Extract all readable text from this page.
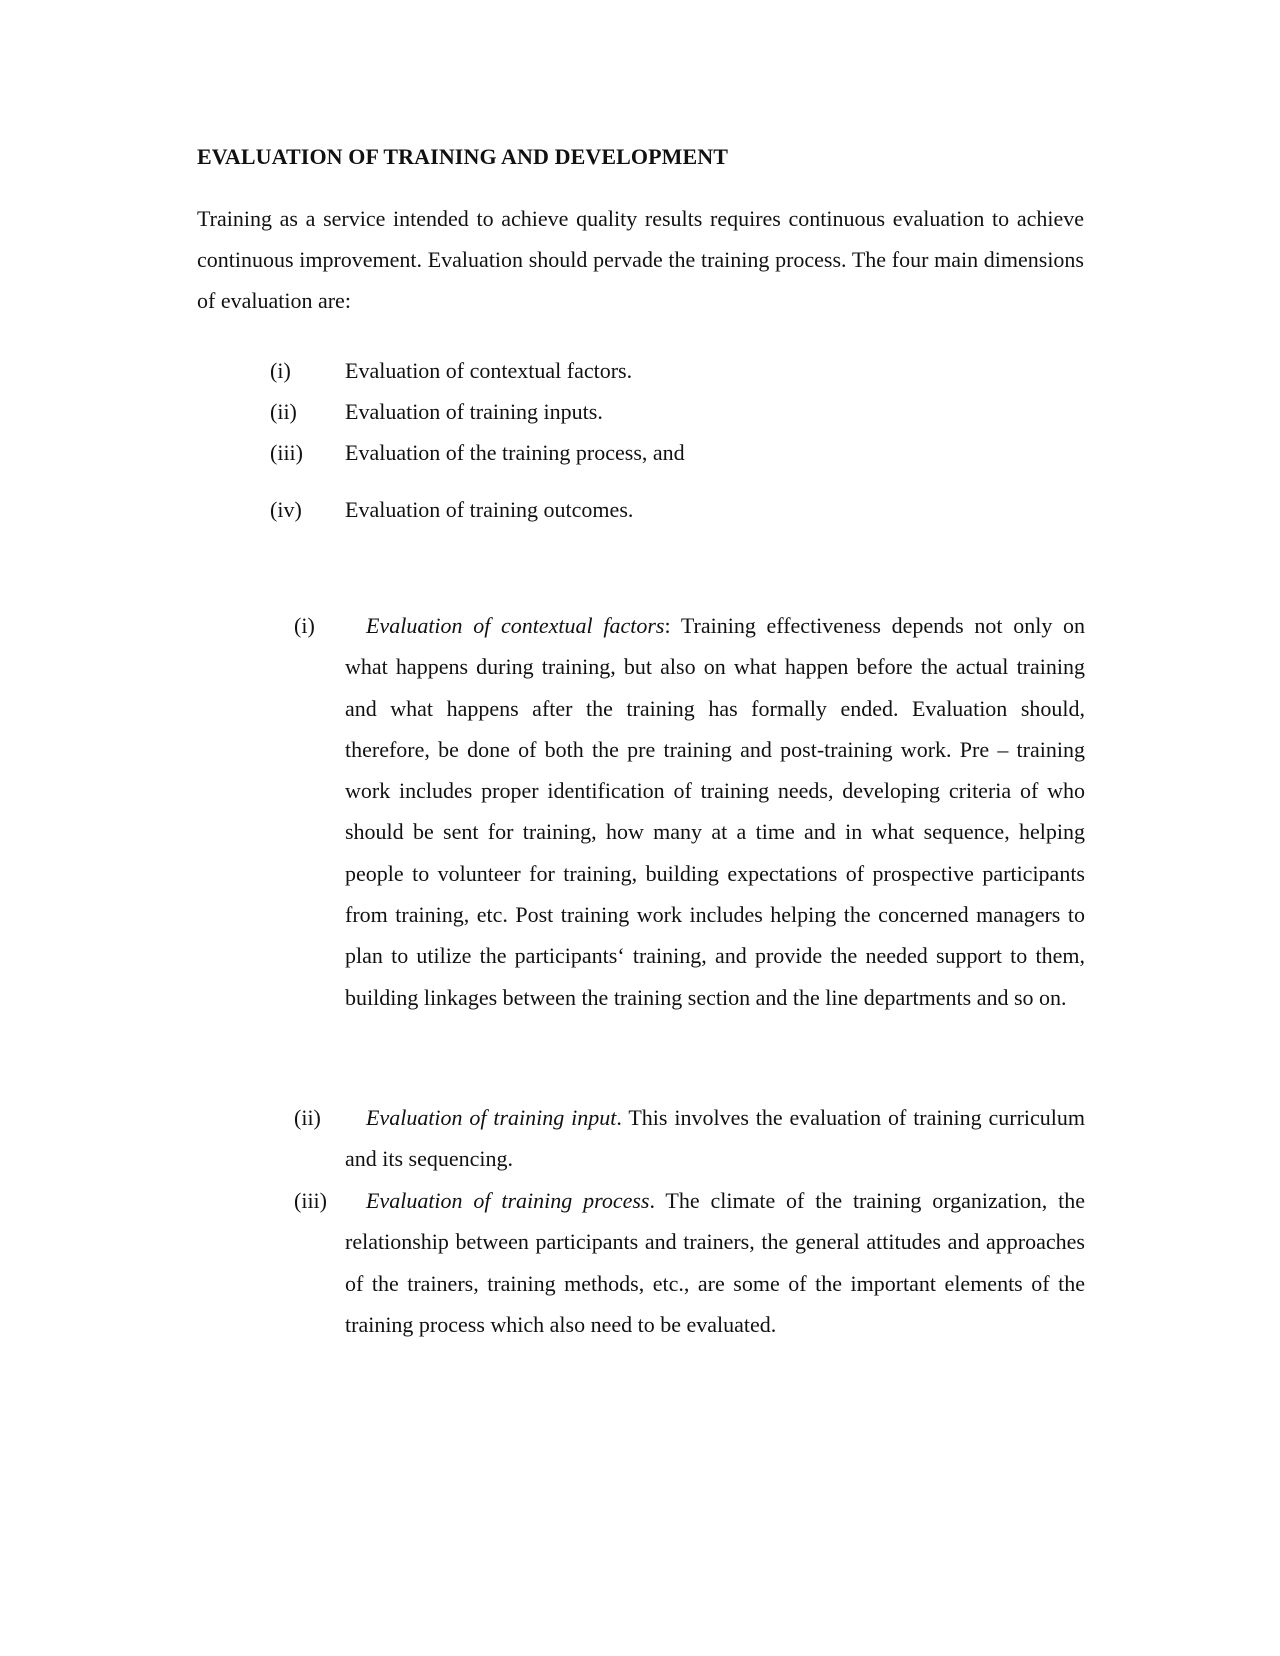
EVALUATION OF TRAINING AND DEVELOPMENT

Training as a service intended to achieve quality results requires continuous evaluation to achieve continuous improvement. Evaluation should pervade the training process. The four main dimensions of evaluation are:

(i) Evaluation of contextual factors.
(ii) Evaluation of training inputs.
(iii) Evaluation of the training process, and
(iv) Evaluation of training outcomes.
(i)	Evaluation of contextual factors: Training effectiveness depends not only on what happens during training, but also on what happen before the actual training and what happens after the training has formally ended. Evaluation should, therefore, be done of both the pre training and post-training work. Pre – training work includes proper identification of training needs, developing criteria of who should be sent for training, how many at a time and in what sequence, helping people to volunteer for training, building expectations of prospective participants from training, etc. Post training work includes helping the concerned managers to plan to utilize the participants‘ training, and provide the needed support to them, building linkages between the training section and the line departments and so on.
(ii)	Evaluation of training input. This involves the evaluation of training curriculum and its sequencing.
(iii)	Evaluation of training process. The climate of the training organization, the relationship between participants and trainers, the general attitudes and approaches of the trainers, training methods, etc., are some of the important elements of the training process which also need to be evaluated.
